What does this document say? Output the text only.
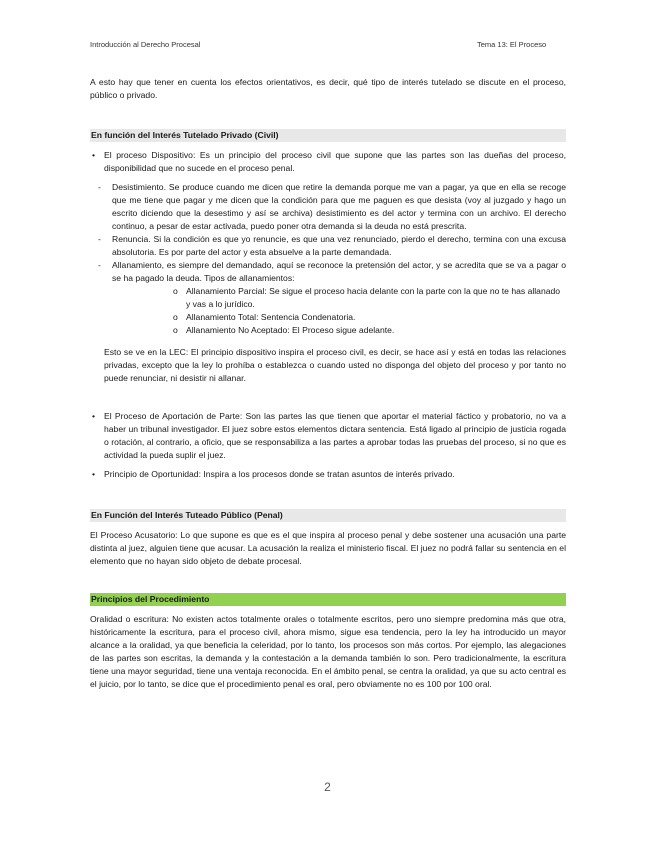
Introducción al Derecho Procesal	Tema 13: El Proceso

A esto hay que tener en cuenta los efectos orientativos, es decir, qué tipo de interés tutelado se discute en el proceso, público o privado.

En función del Interés Tutelado Privado (Civil)
• El proceso Dispositivo: Es un principio del proceso civil que supone que las partes son las dueñas del proceso, disponibilidad que no sucede en el proceso penal.
- Desistimiento. Se produce cuando me dicen que retire la demanda porque me van a pagar, ya que en ella se recoge que me tiene que pagar y me dicen que la condición para que me paguen es que desista (voy al juzgado y hago un escrito diciendo que la desestimo y así se archiva) desistimiento es del actor y termina con un archivo. El derecho continuo, a pesar de estar activada, puedo poner otra demanda si la deuda no está prescrita.
- Renuncia. Si la condición es que yo renuncie, es que una vez renunciado, pierdo el derecho, termina con una excusa absolutoria. Es por parte del actor y esta absuelve a la parte demandada.
- Allanamiento, es siempre del demandado, aquí se reconoce la pretensión del actor, y se acredita que se va a pagar o se ha pagado la deuda. Tipos de allanamientos:
o Allanamiento Parcial: Se sigue el proceso hacia delante con la parte con la que no te has allanado y vas a lo jurídico.
o Allanamiento Total: Sentencia Condenatoria.
o Allanamiento No Aceptado: El Proceso sigue adelante.

Esto se ve en la LEC: El principio dispositivo inspira el proceso civil, es decir, se hace así y está en todas las relaciones privadas, excepto que la ley lo prohíba o establezca o cuando usted no disponga del objeto del proceso y por tanto no puede renunciar, ni desistir ni allanar.

• El Proceso de Aportación de Parte: Son las partes las que tienen que aportar el material fáctico y probatorio, no va a haber un tribunal investigador. El juez sobre estos elementos dictara sentencia. Está ligado al principio de justicia rogada o rotación, al contrario, a oficio, que se responsabiliza a las partes a aprobar todas las pruebas del proceso, si no que es actividad la pueda suplir el juez.
• Principio de Oportunidad: Inspira a los procesos donde se tratan asuntos de interés privado.
En Función del Interés Tuteado Público (Penal)

El Proceso Acusatorio: Lo que supone es que es el que inspira al proceso penal y debe sostener una acusación una parte distinta al juez, alguien tiene que acusar. La acusación la realiza el ministerio fiscal. El juez no podrá fallar su sentencia en el elemento que no hayan sido objeto de debate procesal.

Principios del Procedimiento

Oralidad o escritura: No existen actos totalmente orales o totalmente escritos, pero uno siempre predomina más que otra, históricamente la escritura, para el proceso civil, ahora mismo, sigue esa tendencia, pero la ley ha introducido un mayor alcance a la oralidad, ya que beneficia la celeridad, por lo tanto, los procesos son más cortos. Por ejemplo, las alegaciones de las partes son escritas, la demanda y la contestación a la demanda también lo son. Pero tradicionalmente, la escritura tiene una mayor seguridad, tiene una ventaja reconocida. En el ámbito penal, se centra la oralidad, ya que su acto central es el juicio, por lo tanto, se dice que el procedimiento penal es oral, pero obviamente no es 100 por 100 oral.

2
